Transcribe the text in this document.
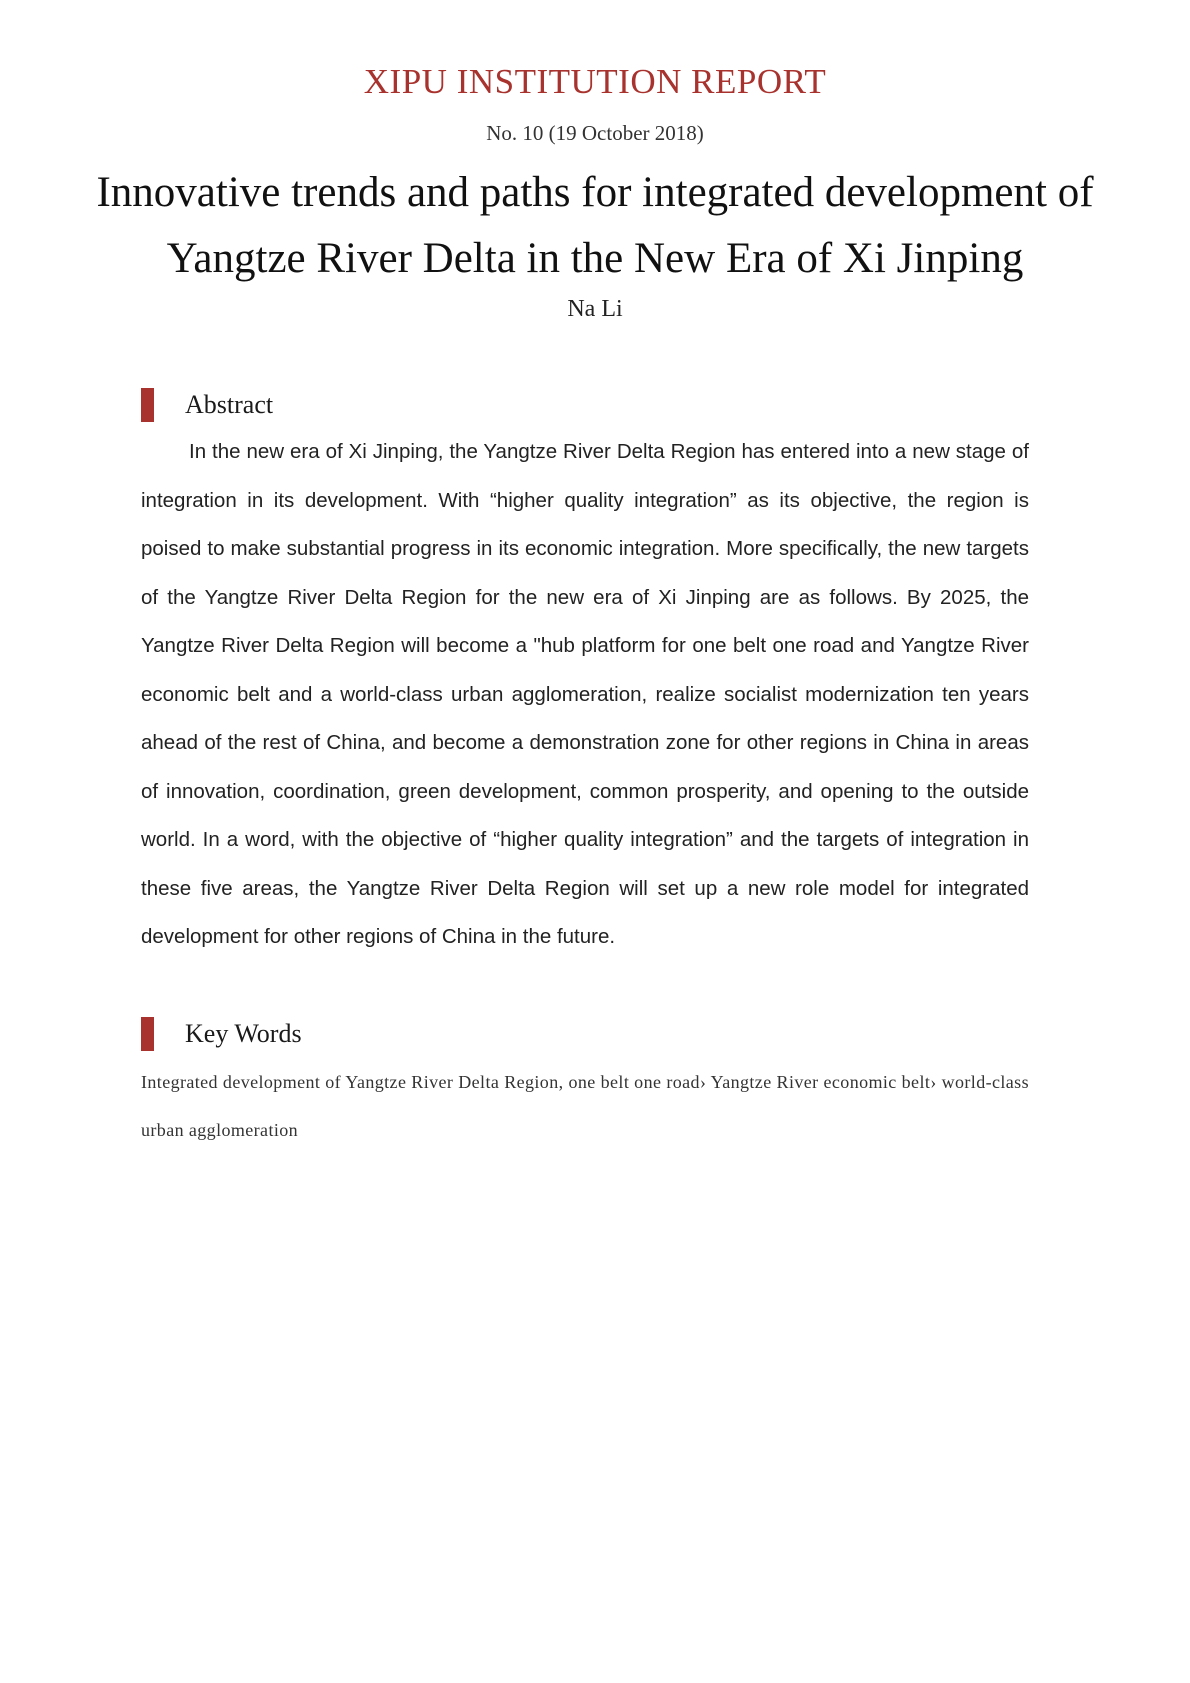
XIPU INSTITUTION REPORT
No. 10 (19 October 2018)
Innovative trends and paths for integrated development of Yangtze River Delta in the New Era of Xi Jinping
Na Li
Abstract

In the new era of Xi Jinping, the Yangtze River Delta Region has entered into a new stage of integration in its development. With “higher quality integration” as its objective, the region is poised to make substantial progress in its economic integration. More specifically, the new targets of the Yangtze River Delta Region for the new era of Xi Jinping are as follows. By 2025, the Yangtze River Delta Region will become a "hub platform for one belt one road and Yangtze River economic belt and a world-class urban agglomeration, realize socialist modernization ten years ahead of the rest of China, and become a demonstration zone for other regions in China in areas of innovation, coordination, green development, common prosperity, and opening to the outside world. In a word, with the objective of “higher quality integration” and the targets of integration in these five areas, the Yangtze River Delta Region will set up a new role model for integrated development for other regions of China in the future.

Key Words

Integrated development of Yangtze River Delta Region, one belt one road› Yangtze River economic belt› world-class urban agglomeration
